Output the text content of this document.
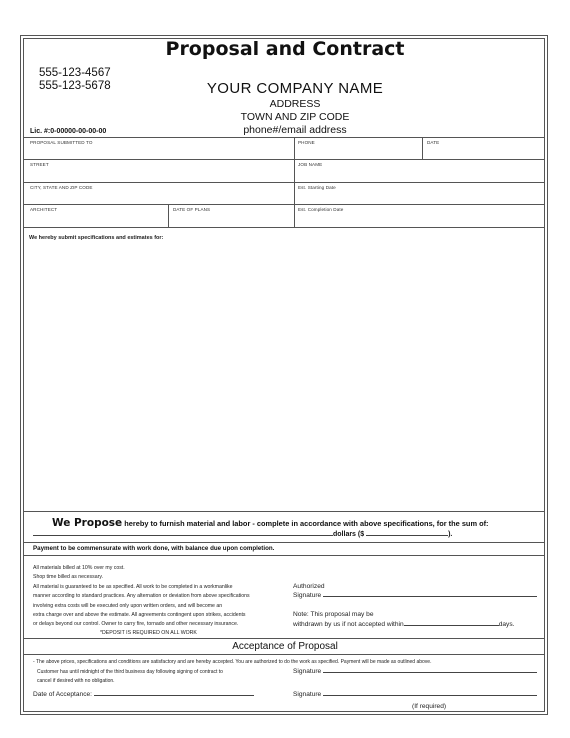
Proposal and Contract
555-123-4567
555-123-5678	YOUR COMPANY NAME
ADDRESS
TOWN AND ZIP CODE
phone#/email address
Lic. #:0-00000-00-00-00
PROPOSAL SUBMITTED TO	PHONE	DATE
STREET	JOB NAME
CITY, STATE AND ZIP CODE	Est. Starting Date
ARCHITECT	DATE OF PLANS	Est. Completion Date
We hereby submit specifications and estimates for:
We Propose hereby to furnish material and labor - complete in accordance with above specifications, for the sum of:
dollars ($	).
Payment to be commensurate with work done, with balance due upon completion.
All materials billed at 10% over my cost.
Shop time billed as necessary.
All material is guaranteed to be as specified. All work to be completed in a workmanlike
manner according to standard practices. Any alternation or deviation from above specifications
involving extra costs will be executed only upon written orders, and will become an
extra charge over and above the estimate. All agreements contingent upon strikes, accidents
or delays beyond our control. Owner to carry fire, tornado and other necessary insurance.
*DEPOSIT IS REQUIRED ON ALL WORK
Authorized
Signature
Note: This proposal may be
withdrawn by us if not accepted within	days.
Acceptance of Proposal
- The above prices, specifications and conditions are satisfactory and are hereby accepted. You are authorized to do the work as specified. Payment will be made as outlined above.
Customer has until midnight of the third business day following signing of contract to
cancel if desired with no obligation.
Signature
Date of Acceptance:	Signature
(If required)
